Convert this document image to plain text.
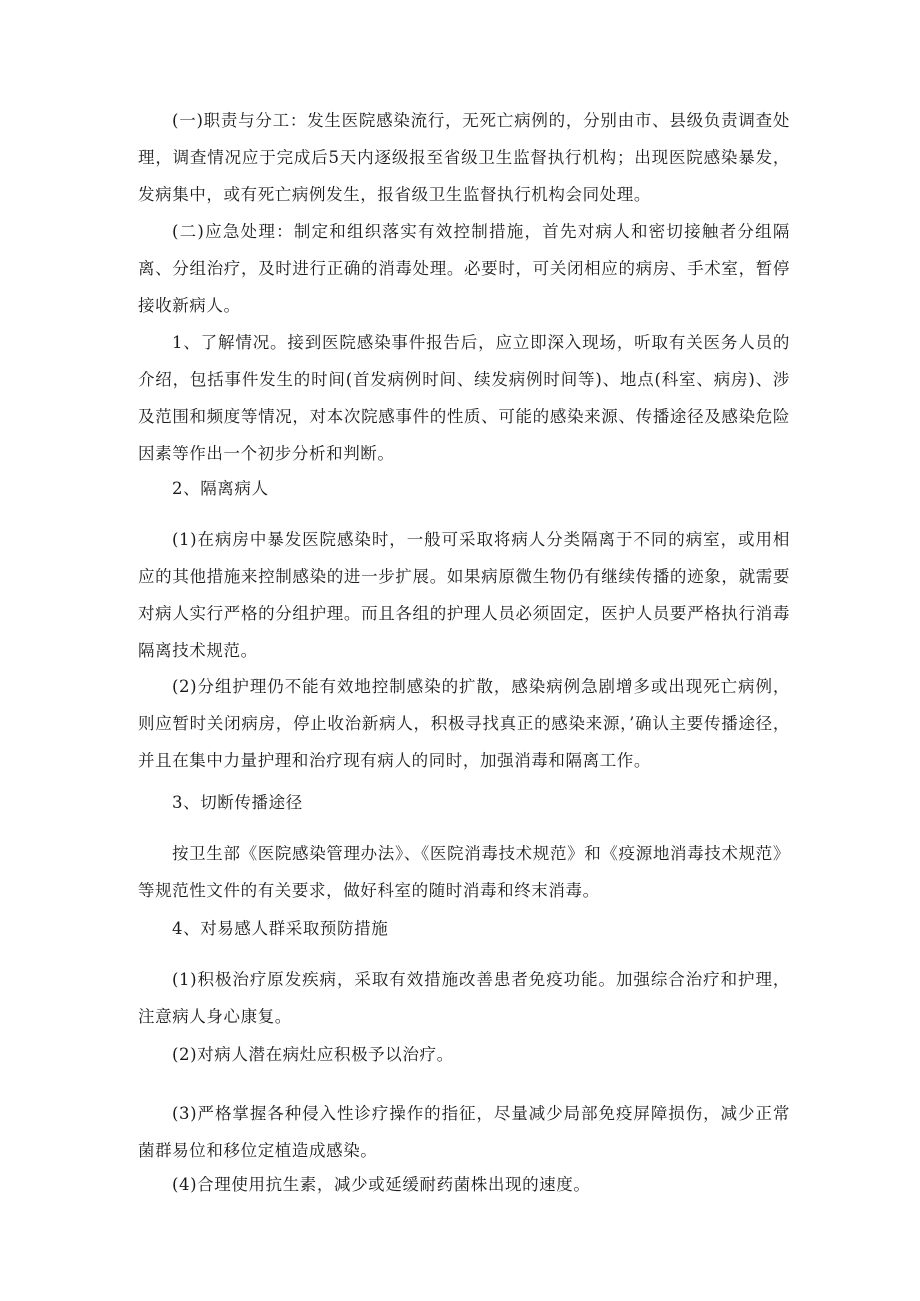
(一)职责与分工：发生医院感染流行，无死亡病例的，分别由市、县级负责调查处理，调查情况应于完成后5天内逐级报至省级卫生监督执行机构；出现医院感染暴发，发病集中，或有死亡病例发生，报省级卫生监督执行机构会同处理。

(二)应急处理：制定和组织落实有效控制措施，首先对病人和密切接触者分组隔离、分组治疗，及时进行正确的消毒处理。必要时，可关闭相应的病房、手术室，暂停接收新病人。

1、了解情况。接到医院感染事件报告后，应立即深入现场，听取有关医务人员的介绍，包括事件发生的时间(首发病例时间、续发病例时间等)、地点(科室、病房)、涉及范围和频度等情况，对本次院感事件的性质、可能的感染来源、传播途径及感染危险因素等作出一个初步分析和判断。

2、隔离病人

(1)在病房中暴发医院感染时，一般可采取将病人分类隔离于不同的病室，或用相应的其他措施来控制感染的进一步扩展。如果病原微生物仍有继续传播的迹象，就需要对病人实行严格的分组护理。而且各组的护理人员必须固定，医护人员要严格执行消毒隔离技术规范。

(2)分组护理仍不能有效地控制感染的扩散，感染病例急剧增多或出现死亡病例，则应暂时关闭病房，停止收治新病人，积极寻找真正的感染来源，’确认主要传播途径，并且在集中力量护理和治疗现有病人的同时，加强消毒和隔离工作。

3、切断传播途径

按卫生部《医院感染管理办法》、《医院消毒技术规范》和《疫源地消毒技术规范》等规范性文件的有关要求，做好科室的随时消毒和终末消毒。

4、对易感人群采取预防措施

(1)积极治疗原发疾病，采取有效措施改善患者免疫功能。加强综合治疗和护理，注意病人身心康复。

(2)对病人潜在病灶应积极予以治疗。

(3)严格掌握各种侵入性诊疗操作的指征，尽量减少局部免疫屏障损伤，减少正常菌群易位和移位定植造成感染。

(4)合理使用抗生素，减少或延缓耐药菌株出现的速度。
